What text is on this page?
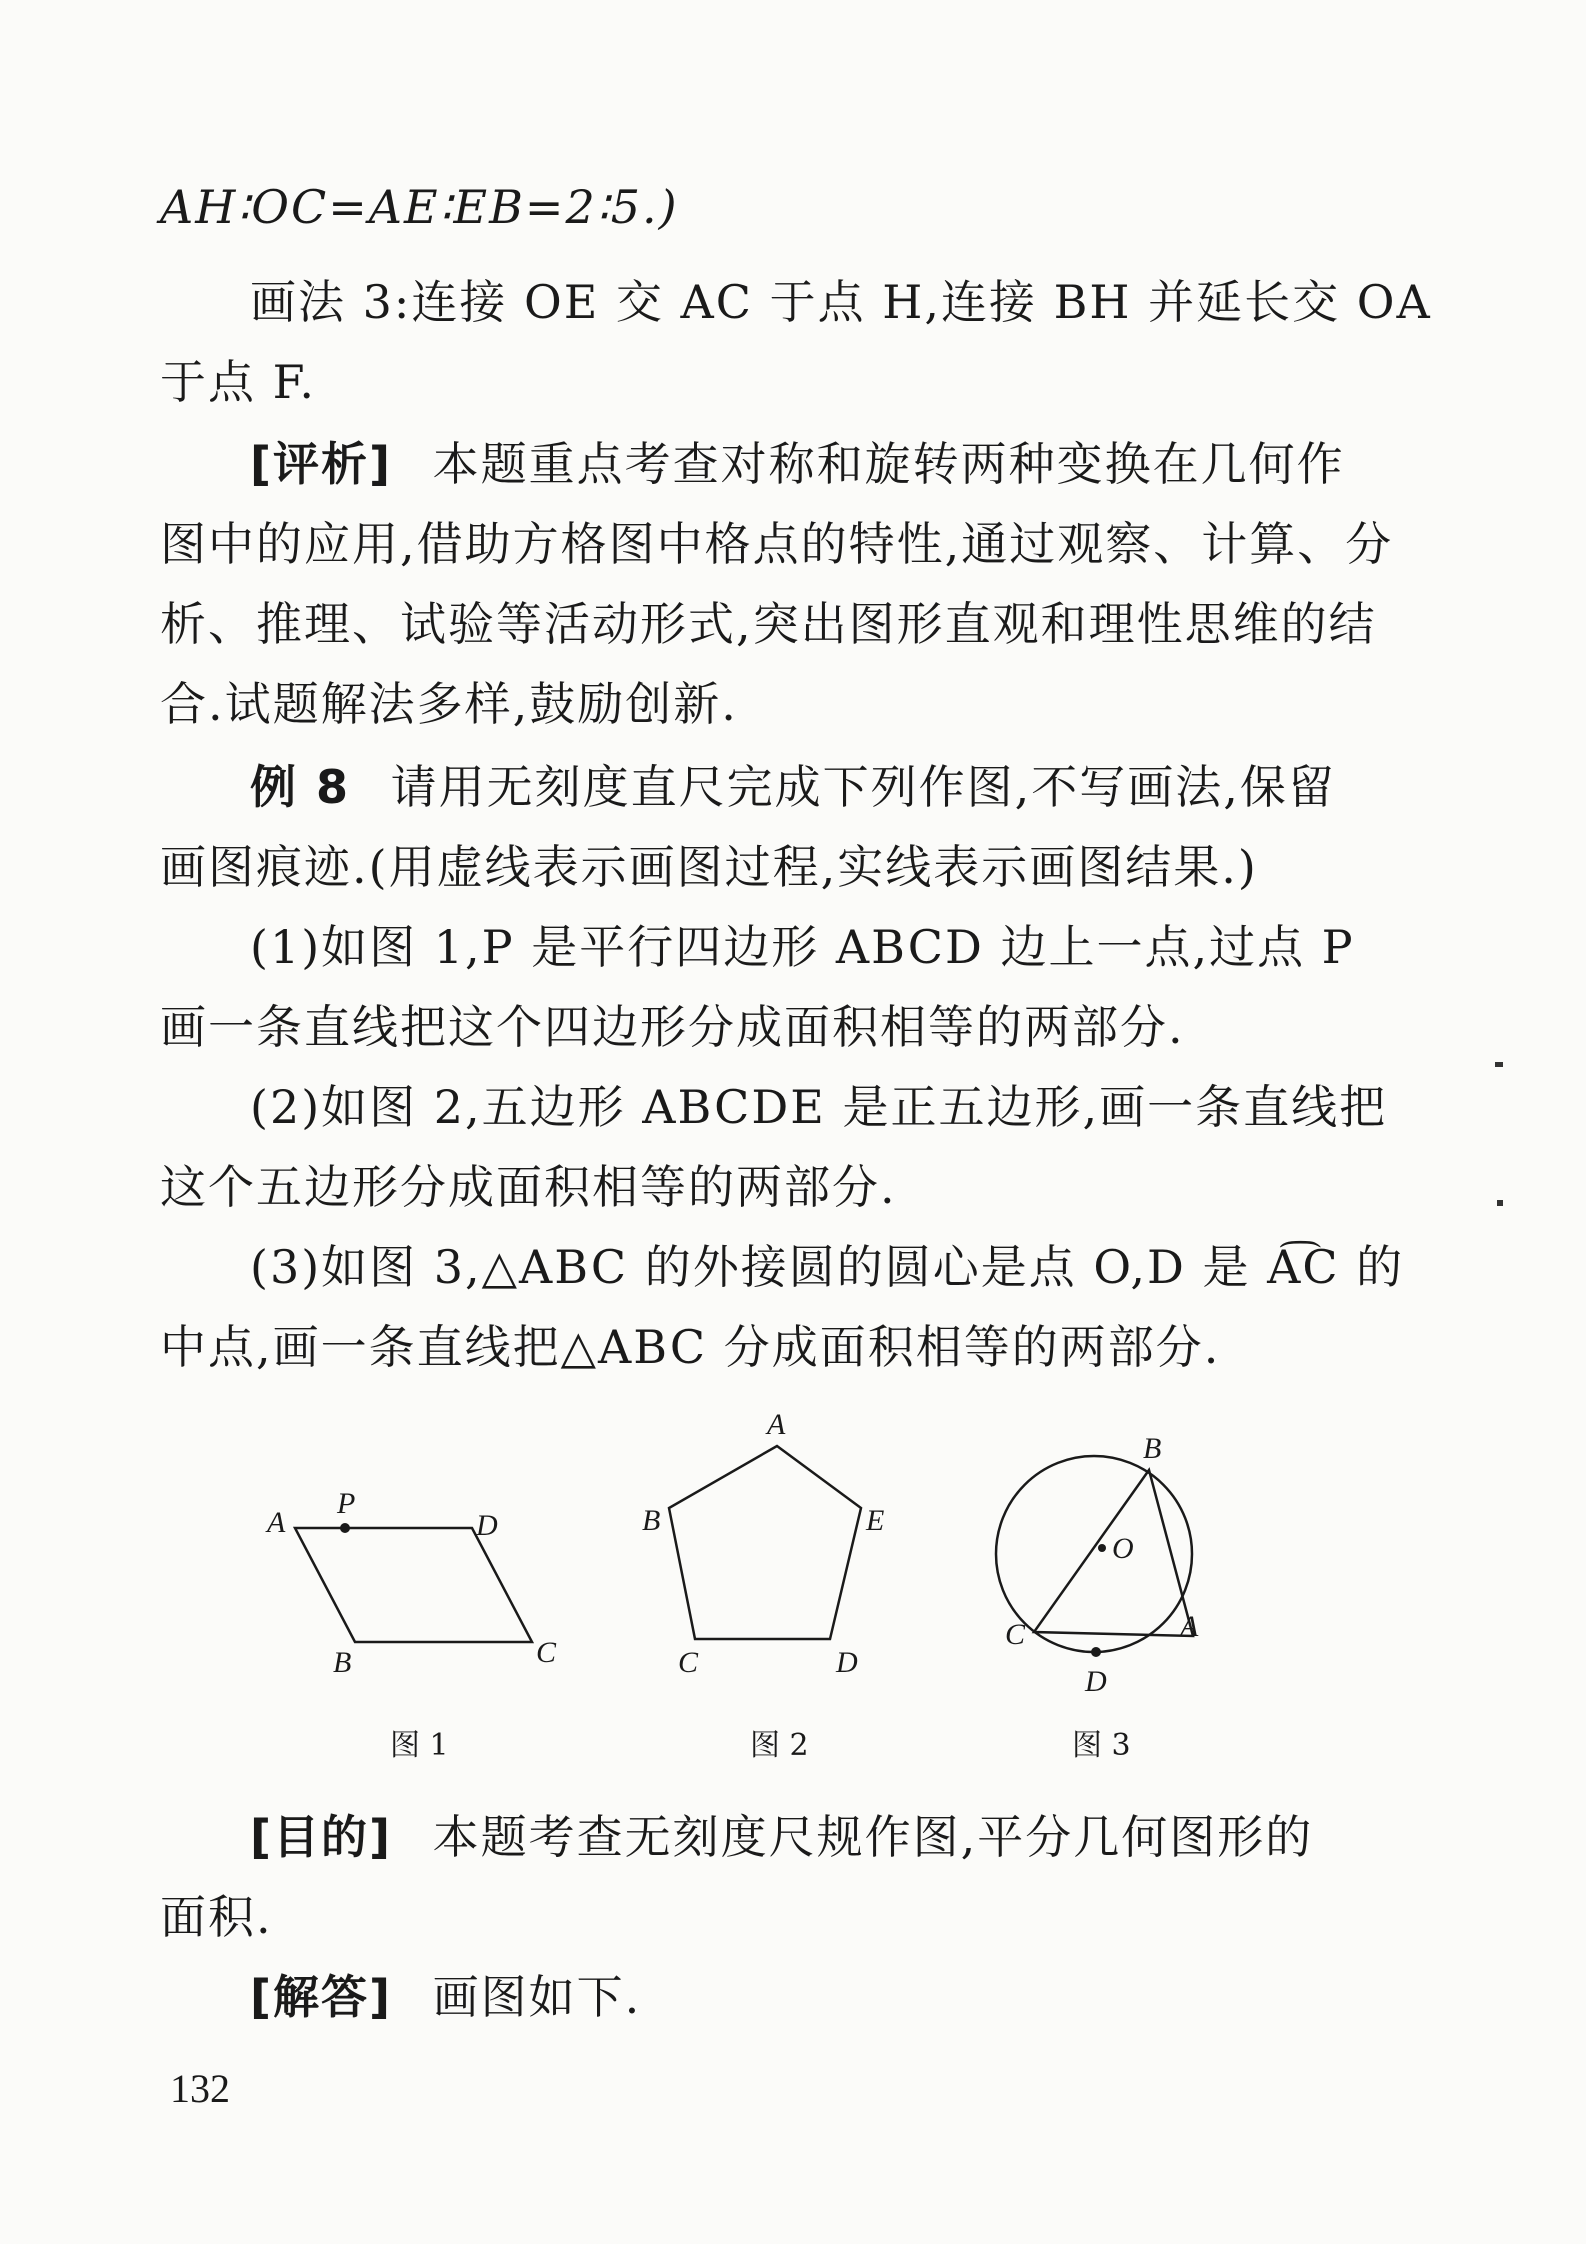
AH∶OC=AE∶EB=2∶5.)
画法 3:连接 OE 交 AC 于点 H,连接 BH 并延长交 OA
于点 F.
[评析] 本题重点考查对称和旋转两种变换在几何作
图中的应用,借助方格图中格点的特性,通过观察、计算、分
析、推理、试验等活动形式,突出图形直观和理性思维的结
合.试题解法多样,鼓励创新.
例 8 请用无刻度直尺完成下列作图,不写画法,保留
画图痕迹.(用虚线表示画图过程,实线表示画图结果.)
(1)如图 1,P 是平行四边形 ABCD 边上一点,过点 P
画一条直线把这个四边形分成面积相等的两部分.
(2)如图 2,五边形 ABCDE 是正五边形,画一条直线把
这个五边形分成面积相等的两部分.
(3)如图 3,△ABC 的外接圆的圆心是点 O,D 是 A͡C 的
中点,画一条直线把△ABC 分成面积相等的两部分.
A
P
D
B	C
A
B	E
C	D
B
O
C	A
D
图 1	图 2	图 3
[目的] 本题考查无刻度尺规作图,平分几何图形的
面积.
[解答] 画图如下.
132
